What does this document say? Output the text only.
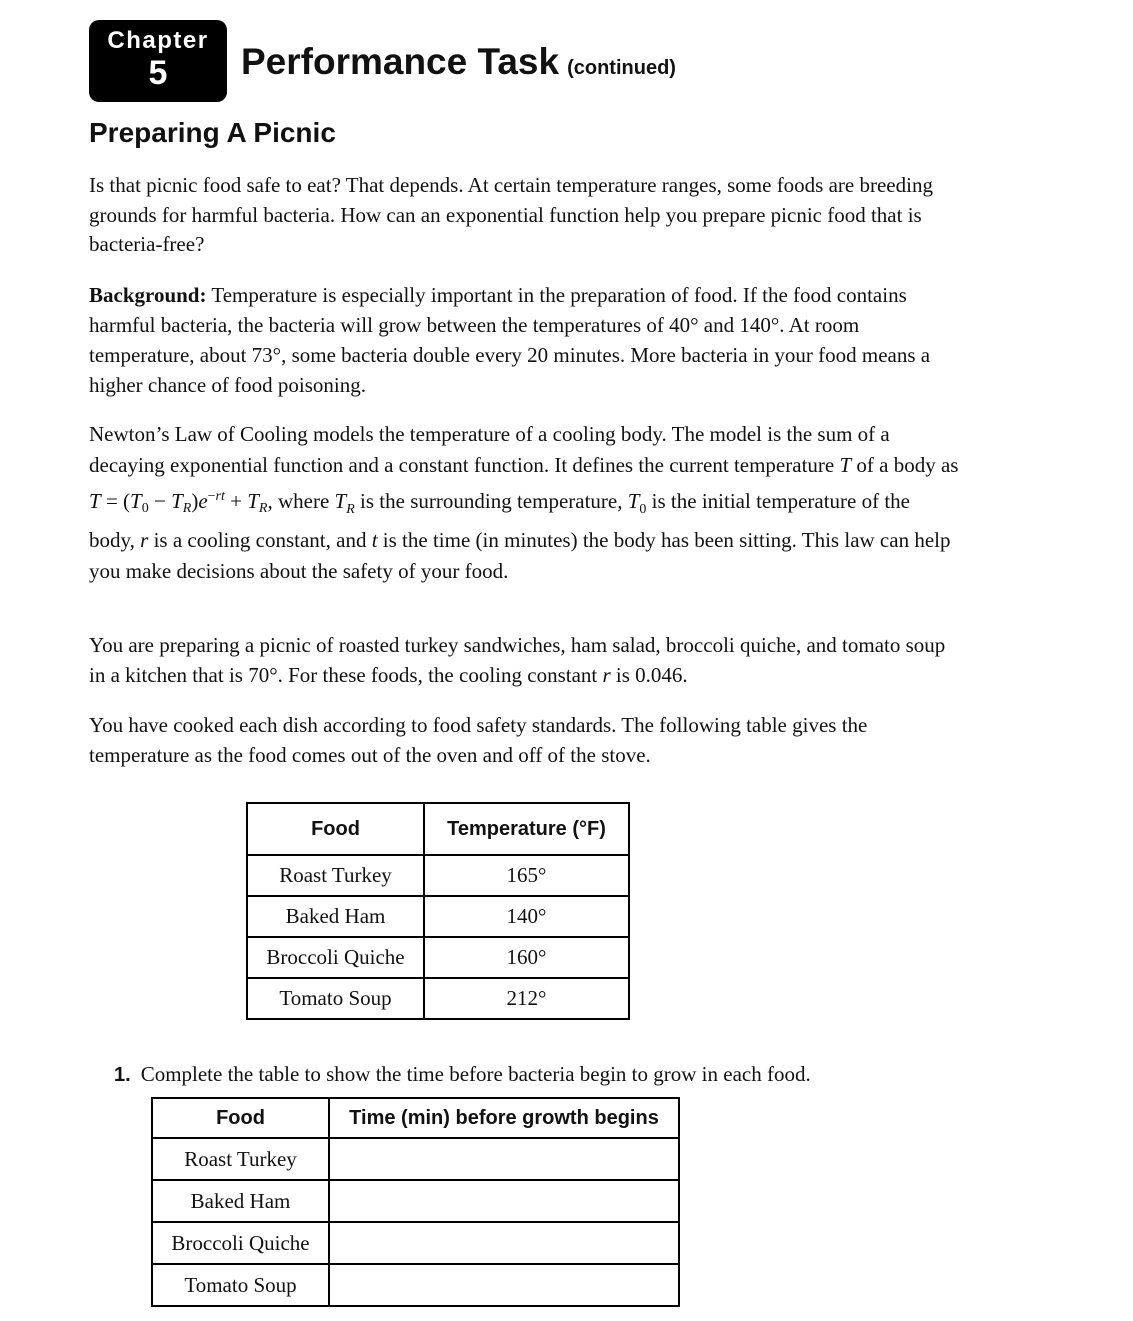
Chapter
5	Performance Task (continued)
Preparing A Picnic

Is that picnic food safe to eat? That depends. At certain temperature ranges, some foods are breeding grounds for harmful bacteria. How can an exponential function help you prepare picnic food that is bacteria-free?

Background: Temperature is especially important in the preparation of food. If the food contains harmful bacteria, the bacteria will grow between the temperatures of 40° and 140°. At room temperature, about 73°, some bacteria double every 20 minutes. More bacteria in your food means a higher chance of food poisoning.

Newton’s Law of Cooling models the temperature of a cooling body. The model is the sum of a decaying exponential function and a constant function. It defines the current temperature T of a body as $T = (T_0 - T_R)e^{-rt} + T_R$, where $T_R$ is the surrounding temperature, $T_0$ is the initial temperature of the body, r is a cooling constant, and t is the time (in minutes) the body has been sitting. This law can help you make decisions about the safety of your food.

You are preparing a picnic of roasted turkey sandwiches, ham salad, broccoli quiche, and tomato soup in a kitchen that is 70°. For these foods, the cooling constant r is 0.046.

You have cooked each dish according to food safety standards. The following table gives the temperature as the food comes out of the oven and off of the stove.

Food	Temperature (°F)
Roast Turkey	165°
Baked Ham	140°
Broccoli Quiche	160°
Tomato Soup	212°
1. Complete the table to show the time before bacteria begin to grow in each food.
Food	Time (min) before growth begins
Roast Turkey	
Baked Ham	
Broccoli Quiche	
Tomato Soup	
